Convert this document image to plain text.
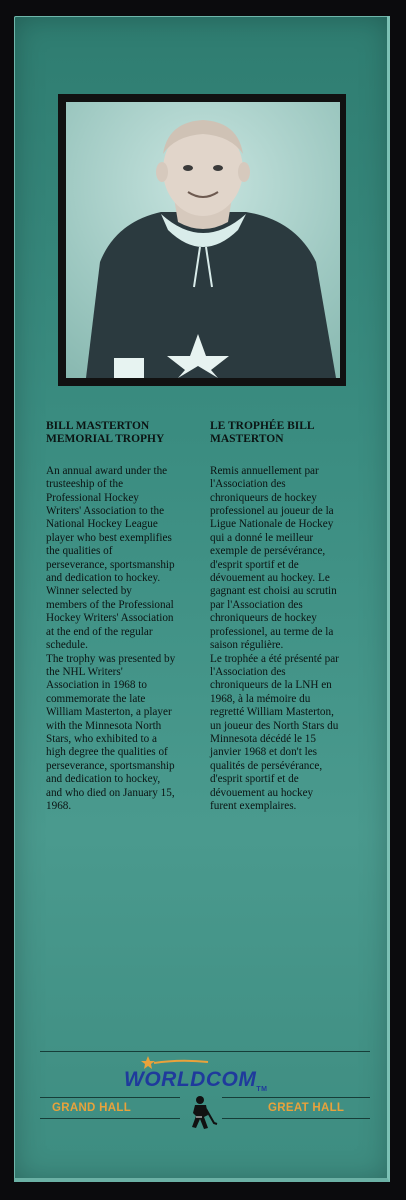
BILL MASTERTON
MEMORIAL TROPHY

An annual award under the
trusteeship of the
Professional Hockey
Writers' Association to the
National Hockey League
player who best exemplifies
the qualities of
perseverance, sportsmanship
and dedication to hockey.
Winner selected by
members of the Professional
Hockey Writers' Association
at the end of the regular
schedule.
The trophy was presented by
the NHL Writers'
Association in 1968 to
commemorate the late
William Masterton, a player
with the Minnesota North
Stars, who exhibited to a
high degree the qualities of
perseverance, sportsmanship
and dedication to hockey,
and who died on January 15,
1968.

LE TROPHÉE BILL
MASTERTON

Remis annuellement par
l'Association des
chroniqueurs de hockey
professionel au joueur de la
Ligue Nationale de Hockey
qui a donné le meilleur
exemple de persévérance,
d'esprit sportif et de
dévouement au hockey. Le
gagnant est choisi au scrutin
par l'Association des
chroniqueurs de hockey
professionel, au terme de la
saison régulière.
Le trophée a été présenté par
l'Association des
chroniqueurs de la LNH en
1968, à la mémoire du
regretté William Masterton,
un joueur des North Stars du
Minnesota décédé le 15
janvier 1968 et don't les
qualités de persévérance,
d'esprit sportif et de
dévouement au hockey
furent exemplaires.

$WORLDCOM_{TM}$
GRAND HALL	GREAT HALL
